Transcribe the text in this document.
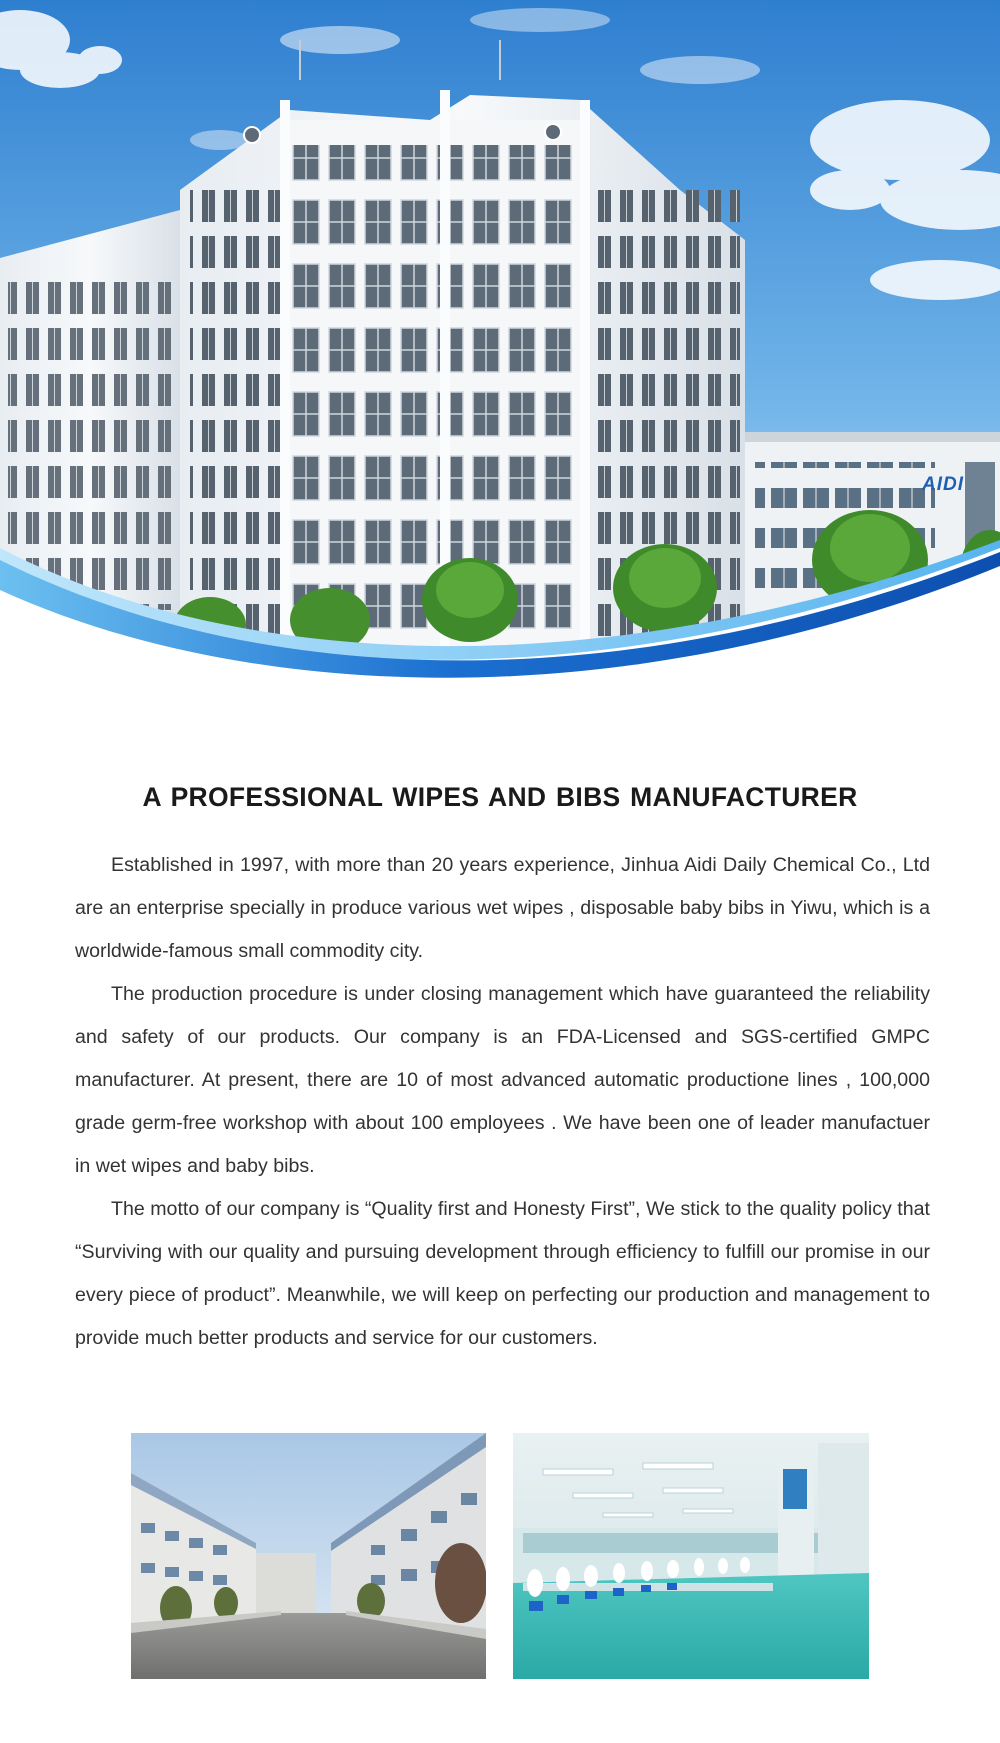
AIDI
A PROFESSIONAL WIPES AND BIBS MANUFACTURER

Established in 1997, with more than 20 years experience, Jinhua Aidi Daily Chemical Co., Ltd are an enterprise specially in produce various wet wipes , disposable baby bibs in Yiwu, which is a worldwide-famous small commodity city.

The production procedure is under closing management which have guaranteed the reliability and safety of our products. Our company is an FDA-Licensed and SGS-certified GMPC manufacturer. At present, there are 10 of most advanced automatic productione lines , 100,000 grade germ-free workshop with about 100 employees . We have been one of leader manufactuer in wet wipes and baby bibs.

The motto of our company is “Quality first and Honesty First”, We stick to the quality policy that “Surviving with our quality and pursuing development through efficiency to fulfill our promise in our every piece of product”. Meanwhile, we will keep on perfecting our production and management to provide much better products and service for our customers.
